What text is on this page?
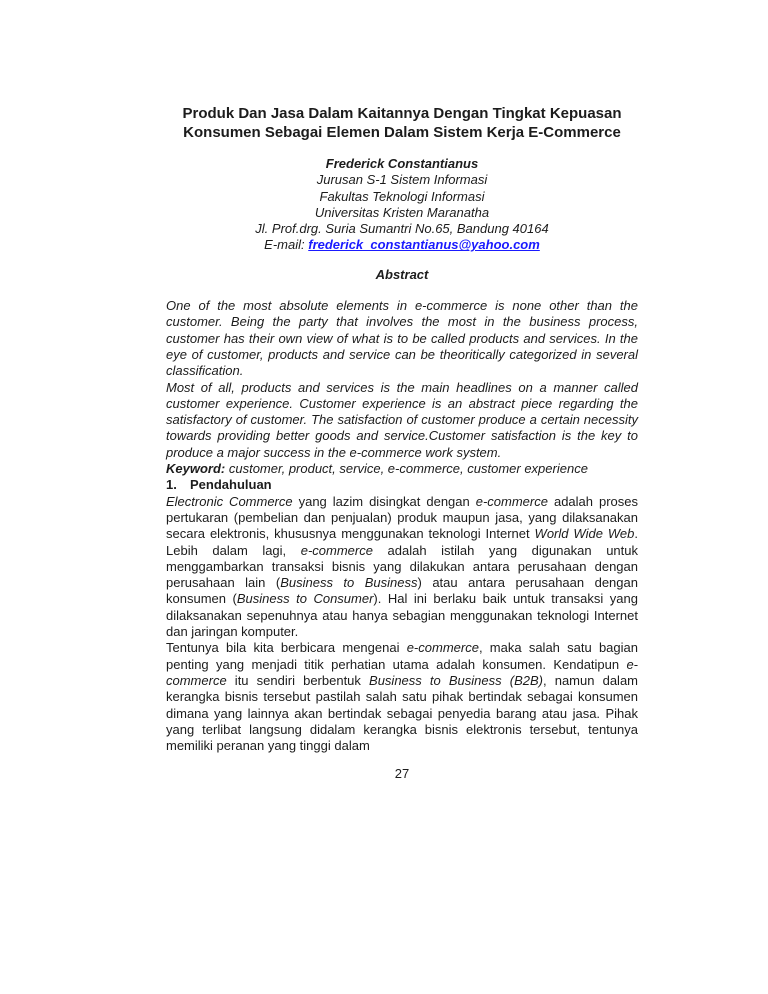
Produk Dan Jasa Dalam Kaitannya Dengan Tingkat Kepuasan
Konsumen Sebagai Elemen Dalam Sistem Kerja E-Commerce
Frederick Constantianus
Jurusan S-1 Sistem Informasi
Fakultas Teknologi Informasi
Universitas Kristen Maranatha
Jl. Prof.drg. Suria Sumantri No.65, Bandung 40164
E-mail: frederick_constantianus@yahoo.com
Abstract

One of the most absolute elements in e-commerce is none other than the customer. Being the party that involves the most in the business process, customer has their own view of what is to be called products and services. In the eye of customer, products and service can be theoritically categorized in several classification.

Most of all, products and services is the main headlines on a manner called customer experience. Customer experience is an abstract piece regarding the satisfactory of customer. The satisfaction of customer produce a certain necessity towards providing better goods and service.Customer satisfaction is the key to produce a major success in the e-commerce work system.

Keyword: customer, product, service, e-commerce, customer experience

1. Pendahuluan

Electronic Commerce yang lazim disingkat dengan e-commerce adalah proses pertukaran (pembelian dan penjualan) produk maupun jasa, yang dilaksanakan secara elektronis, khususnya menggunakan teknologi Internet World Wide Web. Lebih dalam lagi, e-commerce adalah istilah yang digunakan untuk menggambarkan transaksi bisnis yang dilakukan antara perusahaan dengan perusahaan lain (Business to Business) atau antara perusahaan dengan konsumen (Business to Consumer). Hal ini berlaku baik untuk transaksi yang dilaksanakan sepenuhnya atau hanya sebagian menggunakan teknologi Internet dan jaringan komputer.

Tentunya bila kita berbicara mengenai e-commerce, maka salah satu bagian penting yang menjadi titik perhatian utama adalah konsumen. Kendatipun e-commerce itu sendiri berbentuk Business to Business (B2B), namun dalam kerangka bisnis tersebut pastilah salah satu pihak bertindak sebagai konsumen dimana yang lainnya akan bertindak sebagai penyedia barang atau jasa. Pihak yang terlibat langsung didalam kerangka bisnis elektronis tersebut, tentunya memiliki peranan yang tinggi dalam

27
